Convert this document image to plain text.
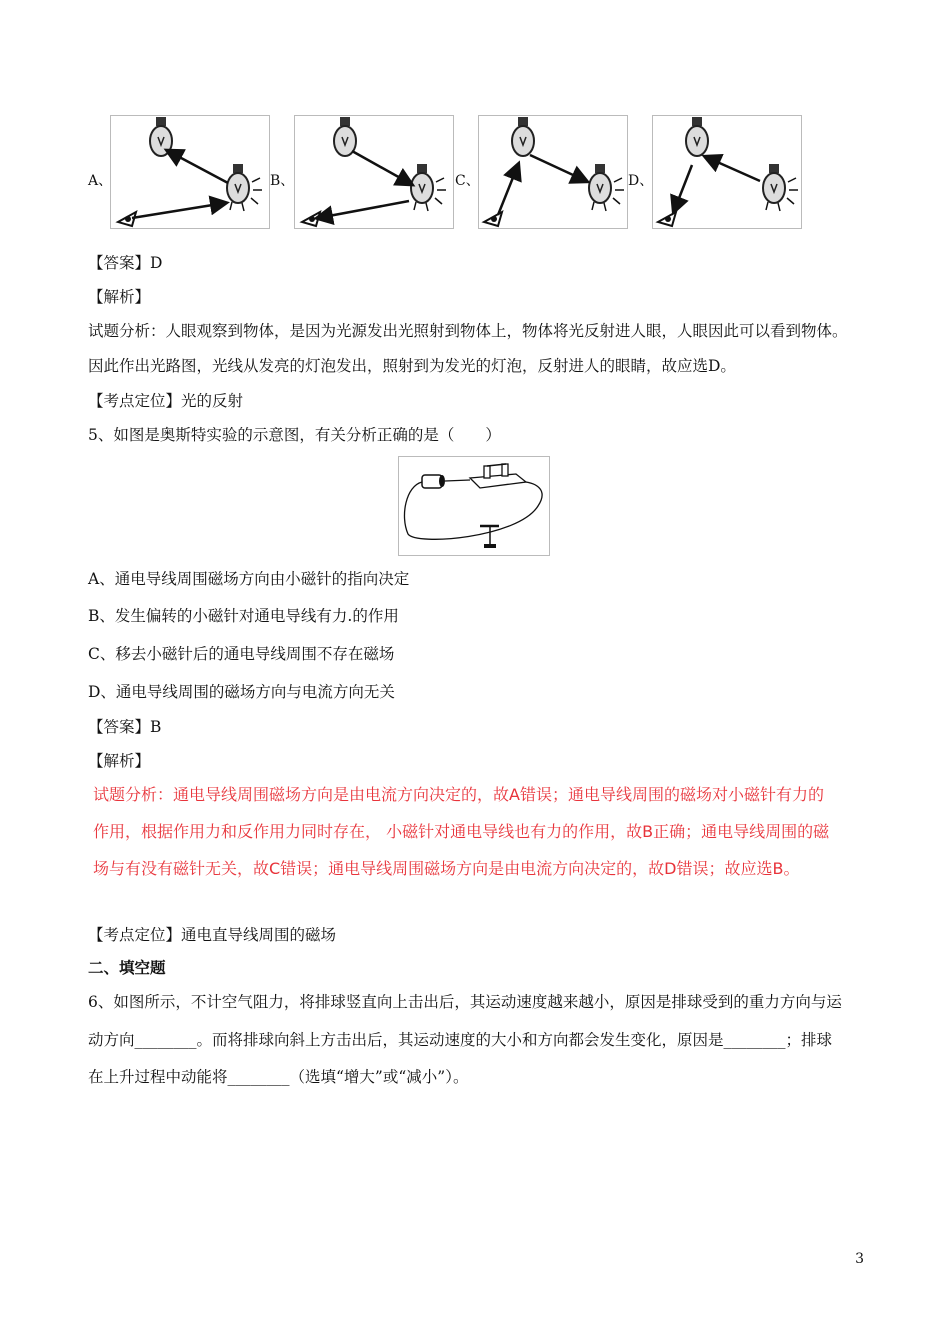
A、	B、	C、	D、
【答案】D
【解析】
试题分析：人眼观察到物体，是因为光源发出光照射到物体上，物体将光反射进人眼，人眼因此可以看到物体。
因此作出光路图，光线从发亮的灯泡发出，照射到为发光的灯泡，反射进人的眼睛，故应选D。
【考点定位】光的反射
5、如图是奥斯特实验的示意图，有关分析正确的是（　　）
A、通电导线周围磁场方向由小磁针的指向决定
B、发生偏转的小磁针对通电导线有力.的作用
C、移去小磁针后的通电导线周围不存在磁场
D、通电导线周围的磁场方向与电流方向无关
【答案】B
【解析】
试题分析：通电导线周围磁场方向是由电流方向决定的，故A错误；通电导线周围的磁场对小磁针有力的
作用，根据作用力和反作用力同时存在， 小磁针对通电导线也有力的作用，故B正确；通电导线周围的磁
场与有没有磁针无关，故C错误；通电导线周围磁场方向是由电流方向决定的，故D错误；故应选B。
【考点定位】通电直导线周围的磁场
二、填空题
6、如图所示，不计空气阻力，将排球竖直向上击出后，其运动速度越来越小，原因是排球受到的重力方向与运
动方向________。而将排球向斜上方击出后，其运动速度的大小和方向都会发生变化，原因是________；排球
在上升过程中动能将________（选填“增大”或“减小”）。
3
